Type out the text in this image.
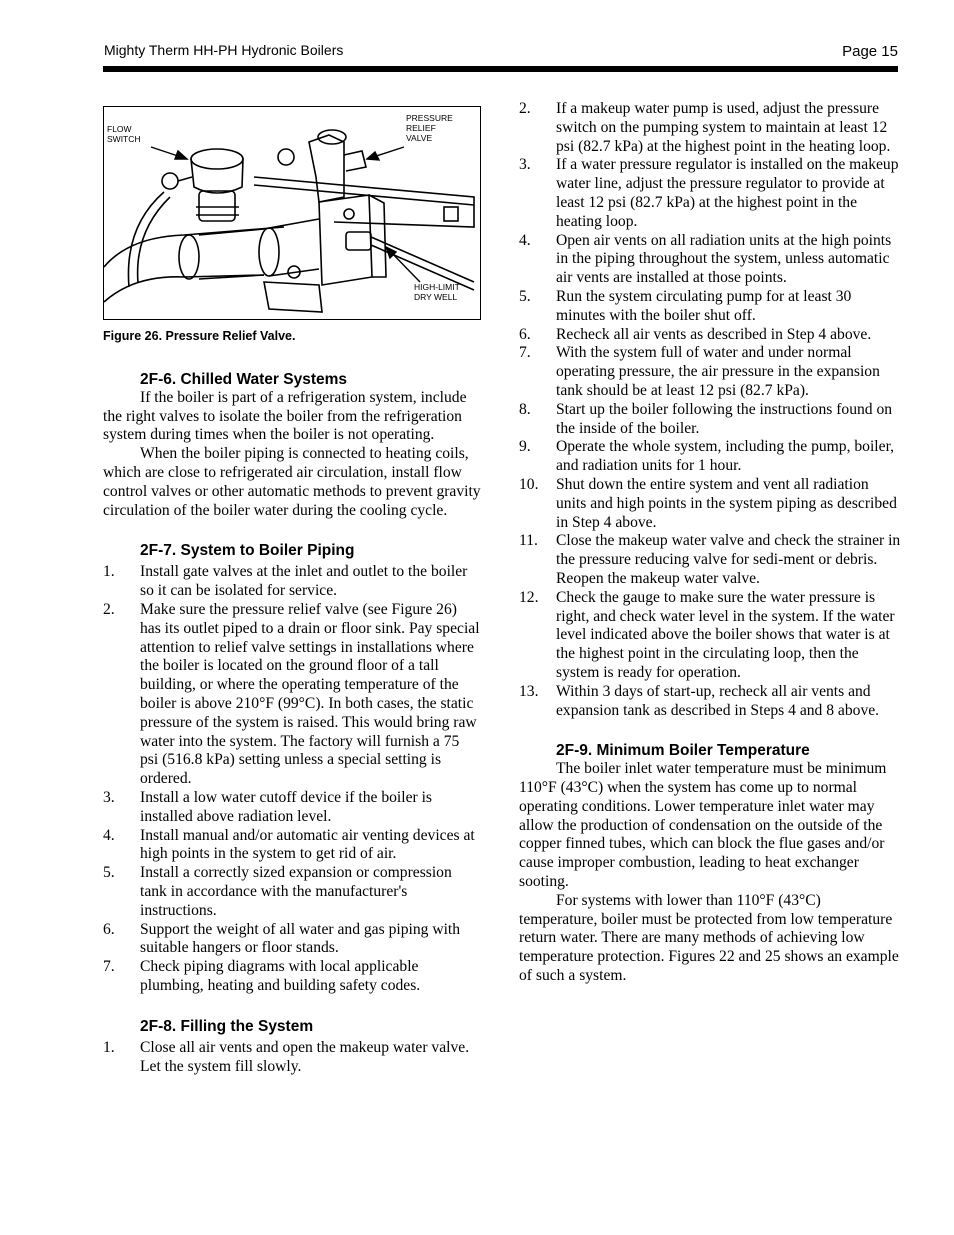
Mighty Therm HH-PH Hydronic Boilers	Page 15
FLOW
SWITCH
PRESSURE
RELIEF
VALVE
HIGH-LIMIT
DRY WELL
Figure 26. Pressure Relief Valve.
2F-6. Chilled Water Systems

If the boiler is part of a refrigeration system, include the right valves to isolate the boiler from the refrigeration system during times when the boiler is not operating.

When the boiler piping is connected to heating coils, which are close to refrigerated air circulation, install flow control valves or other automatic methods to prevent gravity circulation of the boiler water during the cooling cycle.

2F-7. System to Boiler Piping
1.	Install gate valves at the inlet and outlet to the boiler so it can be isolated for service.
2.	Make sure the pressure relief valve (see Figure 26) has its outlet piped to a drain or floor sink. Pay special attention to relief valve settings in installations where the boiler is located on the ground floor of a tall building, or where the operating temperature of the boiler is above 210°F (99°C). In both cases, the static pressure of the system is raised. This would bring raw water into the system. The factory will furnish a 75 psi (516.8 kPa) setting unless a special setting is ordered.
3.	Install a low water cutoff device if the boiler is installed above radiation level.
4.	Install manual and/or automatic air venting devices at high points in the system to get rid of air.
5.	Install a correctly sized expansion or compression tank in accordance with the manufacturer's instructions.
6.	Support the weight of all water and gas piping with suitable hangers or floor stands.
7.	Check piping diagrams with local applicable plumbing, heating and building safety codes.
2F-8. Filling the System
1.	Close all air vents and open the makeup water valve. Let the system fill slowly.
2.	If a makeup water pump is used, adjust the pressure switch on the pumping system to maintain at least 12 psi (82.7 kPa) at the highest point in the heating loop.
3.	If a water pressure regulator is installed on the makeup water line, adjust the pressure regulator to provide at least 12 psi (82.7 kPa) at the highest point in the heating loop.
4.	Open air vents on all radiation units at the high points in the piping throughout the system, unless automatic air vents are installed at those points.
5.	Run the system circulating pump for at least 30 minutes with the boiler shut off.
6.	Recheck all air vents as described in Step 4 above.
7.	With the system full of water and under normal operating pressure, the air pressure in the expansion tank should be at least 12 psi (82.7 kPa).
8.	Start up the boiler following the instructions found on the inside of the boiler.
9.	Operate the whole system, including the pump, boiler, and radiation units for 1 hour.
10.	Shut down the entire system and vent all radiation units and high points in the system piping as described in Step 4 above.
11.	Close the makeup water valve and check the strainer in the pressure reducing valve for sedi-ment or debris. Reopen the makeup water valve.
12.	Check the gauge to make sure the water pressure is right, and check water level in the system. If the water level indicated above the boiler shows that water is at the highest point in the circulating loop, then the system is ready for operation.
13.	Within 3 days of start-up, recheck all air vents and expansion tank as described in Steps 4 and 8 above.
2F-9. Minimum Boiler Temperature

The boiler inlet water temperature must be minimum 110°F (43°C) when the system has come up to normal operating conditions. Lower temperature inlet water may allow the production of condensation on the outside of the copper finned tubes, which can block the flue gases and/or cause improper combustion, leading to heat exchanger sooting.

For systems with lower than 110°F (43°C) temperature, boiler must be protected from low temperature return water. There are many methods of achieving low temperature protection. Figures 22 and 25 shows an example of such a system.
